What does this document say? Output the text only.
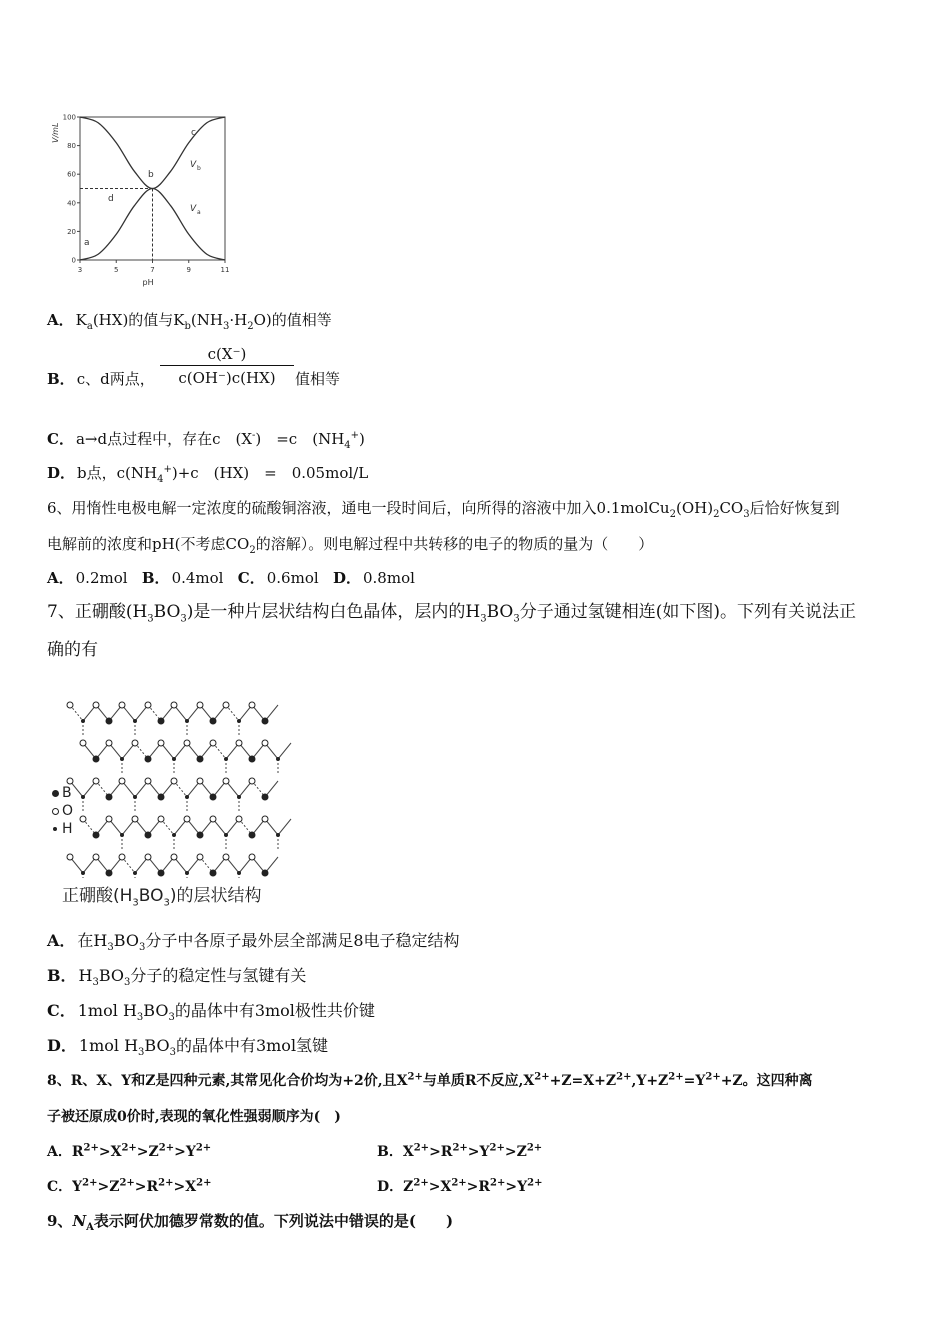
3	5	7	9	11
0
20
40
60
80
100
pH
V/mL
a
b
c
d
V b
V a
A． $K_a(HX)$的值与$K_b(NH_3\cdot H_2O)$的值相等
B． c、d两点， $\frac{c(X^-)}{c(OH^-)c(HX)}$ 值相等
C． a→d点过程中，存在c　(X-)　=c　$(NH_4^+)$
D． b点，$c(NH_4^+)+c$　(HX)　=　0.05mol/L
6、用惰性电极电解一定浓度的硫酸铜溶液，通电一段时间后，向所得的溶液中加入$0.1molCu_2(OH)_2CO_3$后恰好恢复到
电解前的浓度和pH(不考虑$CO_2$的溶解）。则电解过程中共转移的电子的物质的量为（　　）
A． 0.2mol B． 0.4mol C． 0.6mol D． 0.8mol
7、正硼酸$(H_3BO_3)$是一种片层状结构白色晶体，层内的$H_3BO_3$分子通过氢键相连(如下图)。下列有关说法正
确的有
B
O
H
正硼酸$(H_3BO_3)$的层状结构
A． 在$H_3BO_3$分子中各原子最外层全部满足8电子稳定结构
B． $H_3BO_3$分子的稳定性与氢键有关
C． 1mol $H_3BO_3$的晶体中有3mol极性共价键
D． 1mol $H_3BO_3$的晶体中有3mol氢键
8、R、X、Y和Z是四种元素,其常见化合价均为+2价,且$X^{2+}$与单质R不反应$,X^{2+}+Z=X+Z^{2+},Y+Z^{2+}=Y^{2+}+Z$。这四种离
子被还原成0价时,表现的氧化性强弱顺序为(　)
A．$R^{2+}>X^{2+}>Z^{2+}>Y^{2+}$	B．$X^{2+}>R^{2+}>Y^{2+}>Z^{2+}$
C．$Y^{2+}>Z^{2+}>R^{2+}>X^{2+}$	D．$Z^{2+}>X^{2+}>R^{2+}>Y^{2+}$
9、$N_A$表示阿伏加德罗常数的值。下列说法中错误的是(　　)
